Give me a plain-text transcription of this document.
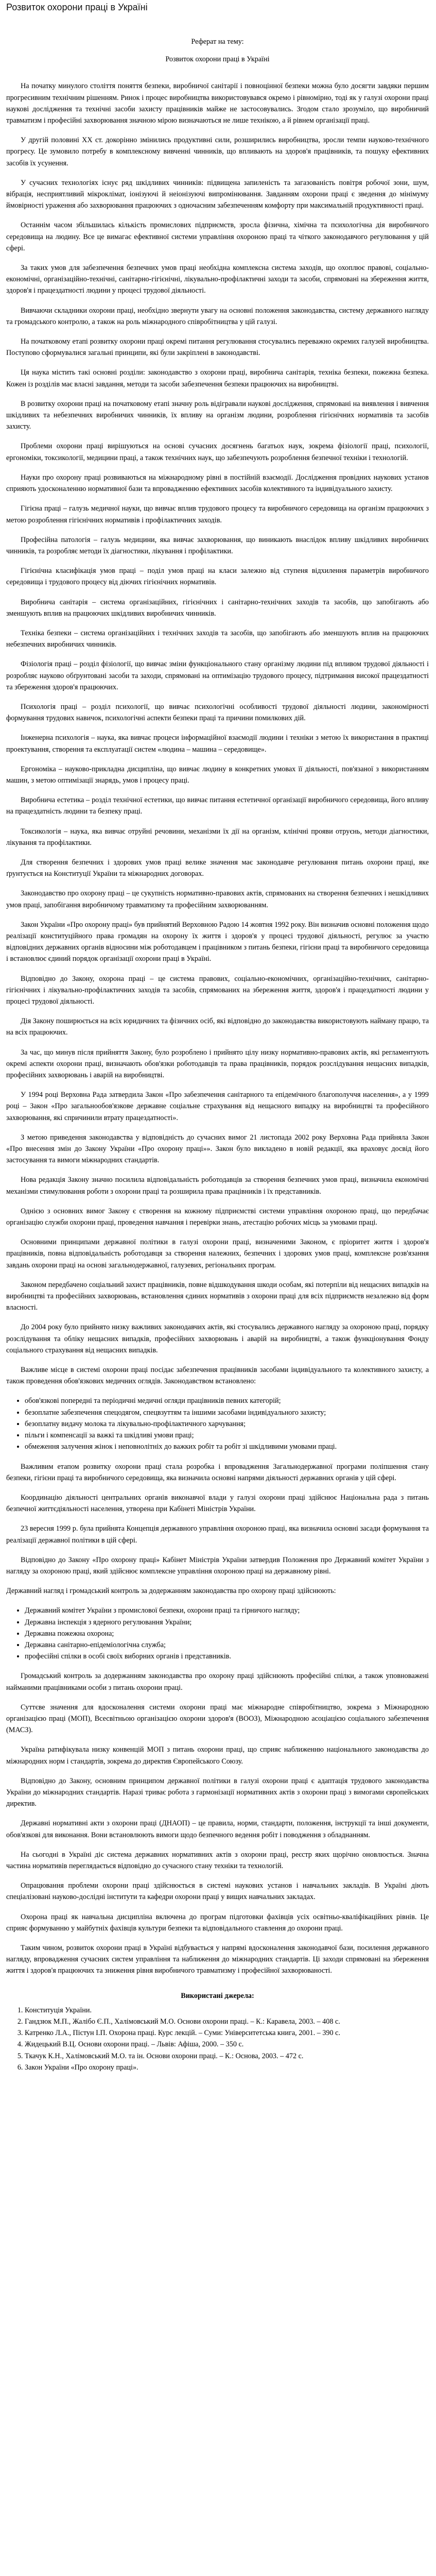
Розвиток охорони праці в Україні

Реферат на тему:

Розвиток охорони праці в Україні

На початку минулого століття поняття безпеки, виробничої санітарії і повноцінної безпеки можна було досягти завдяки першим прогресивним технічним рішенням. Ринок і процес виробництва використовувався окремо і рівномірно, тоді як у галузі охорони праці наукові дослідження та технічні засоби захисту працівників майже не застосовувались. Згодом стало зрозуміло, що виробничий травматизм і професійні захворювання значною мірою визначаються не лише технікою, а й рівнем організації праці.

У другій половині XX ст. докорінно змінились продуктивні сили, розширились виробництва, зросли темпи науково-технічного прогресу. Це зумовило потребу в комплексному вивченні чинників, що впливають на здоров'я працівників, та пошуку ефективних засобів їх усунення.

У сучасних технологіях існує ряд шкідливих чинників: підвищена запиленість та загазованість повітря робочої зони, шум, вібрація, несприятливий мікроклімат, іонізуючі й неіонізуючі випромінювання. Завданням охорони праці є зведення до мінімуму ймовірності ураження або захворювання працюючих з одночасним забезпеченням комфорту при максимальній продуктивності праці.

Останнім часом збільшилась кількість промислових підприємств, зросла фізична, хімічна та психологічна дія виробничого середовища на людину. Все це вимагає ефективної системи управління охороною праці та чіткого законодавчого регулювання у цій сфері.

За таких умов для забезпечення безпечних умов праці необхідна комплексна система заходів, що охоплює правові, соціально-економічні, організаційно-технічні, санітарно-гігієнічні, лікувально-профілактичні заходи та засоби, спрямовані на збереження життя, здоров'я і працездатності людини у процесі трудової діяльності.

Вивчаючи складники охорони праці, необхідно звернути увагу на основні положення законодавства, систему державного нагляду та громадського контролю, а також на роль міжнародного співробітництва у цій галузі.

На початковому етапі розвитку охорони праці окремі питання регулювання стосувались переважно окремих галузей виробництва. Поступово сформувалися загальні принципи, які були закріплені в законодавстві.

Ця наука містить такі основні розділи: законодавство з охорони праці, виробнича санітарія, техніка безпеки, пожежна безпека. Кожен із розділів має власні завдання, методи та засоби забезпечення безпеки працюючих на виробництві.

В розвитку охорони праці на початковому етапі значну роль відігравали наукові дослідження, спрямовані на виявлення і вивчення шкідливих та небезпечних виробничих чинників, їх впливу на організм людини, розроблення гігієнічних нормативів та засобів захисту.

Проблеми охорони праці вирішуються на основі сучасних досягнень багатьох наук, зокрема фізіології праці, психології, ергономіки, токсикології, медицини праці, а також технічних наук, що забезпечують розроблення безпечної техніки і технологій.

Науки про охорону праці розвиваються на міжнародному рівні в постійній взаємодії. Дослідження провідних наукових установ сприяють удосконаленню нормативної бази та впровадженню ефективних засобів колективного та індивідуального захисту.

Гігієна праці – галузь медичної науки, що вивчає вплив трудового процесу та виробничого середовища на організм працюючих з метою розроблення гігієнічних нормативів і профілактичних заходів.

Професійна патологія – галузь медицини, яка вивчає захворювання, що виникають внаслідок впливу шкідливих виробничих чинників, та розробляє методи їх діагностики, лікування і профілактики.

Гігієнічна класифікація умов праці – поділ умов праці на класи залежно від ступеня відхилення параметрів виробничого середовища і трудового процесу від діючих гігієнічних нормативів.

Виробнича санітарія – система організаційних, гігієнічних і санітарно-технічних заходів та засобів, що запобігають або зменшують вплив на працюючих шкідливих виробничих чинників.

Техніка безпеки – система організаційних і технічних заходів та засобів, що запобігають або зменшують вплив на працюючих небезпечних виробничих чинників.

Фізіологія праці – розділ фізіології, що вивчає зміни функціонального стану організму людини під впливом трудової діяльності і розробляє науково обґрунтовані засоби та заходи, спрямовані на оптимізацію трудового процесу, підтримання високої працездатності та збереження здоров'я працюючих.

Психологія праці – розділ психології, що вивчає психологічні особливості трудової діяльності людини, закономірності формування трудових навичок, психологічні аспекти безпеки праці та причини помилкових дій.

Інженерна психологія – наука, яка вивчає процеси інформаційної взаємодії людини і техніки з метою їх використання в практиці проектування, створення та експлуатації систем «людина – машина – середовище».

Ергономіка – науково-прикладна дисципліна, що вивчає людину в конкретних умовах її діяльності, пов'язаної з використанням машин, з метою оптимізації знарядь, умов і процесу праці.

Виробнича естетика – розділ технічної естетики, що вивчає питання естетичної організації виробничого середовища, його впливу на працездатність людини та безпеку праці.

Токсикологія – наука, яка вивчає отруйні речовини, механізми їх дії на організм, клінічні прояви отруєнь, методи діагностики, лікування та профілактики.

Для створення безпечних і здорових умов праці велике значення має законодавче регулювання питань охорони праці, яке ґрунтується на Конституції України та міжнародних договорах.

Законодавство про охорону праці – це сукупність нормативно-правових актів, спрямованих на створення безпечних і нешкідливих умов праці, запобігання виробничому травматизму та професійним захворюванням.

Закон України «Про охорону праці» був прийнятий Верховною Радою 14 жовтня 1992 року. Він визначив основні положення щодо реалізації конституційного права громадян на охорону їх життя і здоров'я у процесі трудової діяльності, регулює за участю відповідних державних органів відносини між роботодавцем і працівником з питань безпеки, гігієни праці та виробничого середовища і встановлює єдиний порядок організації охорони праці в Україні.

Відповідно до Закону, охорона праці – це система правових, соціально-економічних, організаційно-технічних, санітарно-гігієнічних і лікувально-профілактичних заходів та засобів, спрямованих на збереження життя, здоров'я і працездатності людини у процесі трудової діяльності.

Дія Закону поширюється на всіх юридичних та фізичних осіб, які відповідно до законодавства використовують найману працю, та на всіх працюючих.

За час, що минув після прийняття Закону, було розроблено і прийнято цілу низку нормативно-правових актів, які регламентують окремі аспекти охорони праці, визначають обов'язки роботодавців та права працівників, порядок розслідування нещасних випадків, професійних захворювань і аварій на виробництві.

У 1994 році Верховна Рада затвердила Закон «Про забезпечення санітарного та епідемічного благополуччя населення», а у 1999 році – Закон «Про загальнообов'язкове державне соціальне страхування від нещасного випадку на виробництві та професійного захворювання, які спричинили втрату працездатності».

З метою приведення законодавства у відповідність до сучасних вимог 21 листопада 2002 року Верховна Рада прийняла Закон «Про внесення змін до Закону України «Про охорону праці»». Закон було викладено в новій редакції, яка враховує досвід його застосування та вимоги міжнародних стандартів.

Нова редакція Закону значно посилила відповідальність роботодавців за створення безпечних умов праці, визначила економічні механізми стимулювання роботи з охорони праці та розширила права працівників і їх представників.

Однією з основних вимог Закону є створення на кожному підприємстві системи управління охороною праці, що передбачає організацію служби охорони праці, проведення навчання і перевірки знань, атестацію робочих місць за умовами праці.

Основними принципами державної політики в галузі охорони праці, визначеними Законом, є пріоритет життя і здоров'я працівників, повна відповідальність роботодавця за створення належних, безпечних і здорових умов праці, комплексне розв'язання завдань охорони праці на основі загальнодержавної, галузевих, регіональних програм.

Законом передбачено соціальний захист працівників, повне відшкодування шкоди особам, які потерпіли від нещасних випадків на виробництві та професійних захворювань, встановлення єдиних нормативів з охорони праці для всіх підприємств незалежно від форм власності.

До 2004 року було прийнято низку важливих законодавчих актів, які стосувались державного нагляду за охороною праці, порядку розслідування та обліку нещасних випадків, професійних захворювань і аварій на виробництві, а також функціонування Фонду соціального страхування від нещасних випадків.

Важливе місце в системі охорони праці посідає забезпечення працівників засобами індивідуального та колективного захисту, а також проведення обов'язкових медичних оглядів. Законодавством встановлено:

• обов'язкові попередні та періодичні медичні огляди працівників певних категорій;
• безоплатне забезпечення спецодягом, спецвзуттям та іншими засобами індивідуального захисту;
• безоплатну видачу молока та лікувально-профілактичного харчування;
• пільги і компенсації за важкі та шкідливі умови праці;
• обмеження залучення жінок і неповнолітніх до важких робіт та робіт зі шкідливими умовами праці.

Важливим етапом розвитку охорони праці стала розробка і впровадження Загальнодержавної програми поліпшення стану безпеки, гігієни праці та виробничого середовища, яка визначила основні напрями діяльності державних органів у цій сфері.

Координацію діяльності центральних органів виконавчої влади у галузі охорони праці здійснює Національна рада з питань безпечної життєдіяльності населення, утворена при Кабінеті Міністрів України.

23 вересня 1999 р. була прийнята Концепція державного управління охороною праці, яка визначила основні засади формування та реалізації державної політики в цій сфері.

Відповідно до Закону «Про охорону праці» Кабінет Міністрів України затвердив Положення про Державний комітет України з нагляду за охороною праці, який здійснює комплексне управління охороною праці на державному рівні.

Державний нагляд і громадський контроль за додержанням законодавства про охорону праці здійснюють:

• Державний комітет України з промислової безпеки, охорони праці та гірничого нагляду;
• Державна інспекція з ядерного регулювання України;
• Державна пожежна охорона;
• Державна санітарно-епідеміологічна служба;
• професійні спілки в особі своїх виборних органів і представників.

Громадський контроль за додержанням законодавства про охорону праці здійснюють професійні спілки, а також уповноважені найманими працівниками особи з питань охорони праці.

Суттєве значення для вдосконалення системи охорони праці має міжнародне співробітництво, зокрема з Міжнародною організацією праці (МОП), Всесвітньою організацією охорони здоров'я (ВООЗ), Міжнародною асоціацією соціального забезпечення (МАСЗ).

Україна ратифікувала низку конвенцій МОП з питань охорони праці, що сприяє наближенню національного законодавства до міжнародних норм і стандартів, зокрема до директив Європейського Союзу.

Відповідно до Закону, основним принципом державної політики в галузі охорони праці є адаптація трудового законодавства України до міжнародних стандартів. Наразі триває робота з гармонізації нормативних актів з охорони праці з вимогами європейських директив.

Державні нормативні акти з охорони праці (ДНАОП) – це правила, норми, стандарти, положення, інструкції та інші документи, обов'язкові для виконання. Вони встановлюють вимоги щодо безпечного ведення робіт і поводження з обладнанням.

На сьогодні в Україні діє система державних нормативних актів з охорони праці, реєстр яких щорічно оновлюється. Значна частина нормативів переглядається відповідно до сучасного стану техніки та технологій.

Опрацювання проблеми охорони праці здійснюється в системі наукових установ і навчальних закладів. В Україні діють спеціалізовані науково-дослідні інститути та кафедри охорони праці у вищих навчальних закладах.

Охорона праці як навчальна дисципліна включена до програм підготовки фахівців усіх освітньо-кваліфікаційних рівнів. Це сприяє формуванню у майбутніх фахівців культури безпеки та відповідального ставлення до охорони праці.

Таким чином, розвиток охорони праці в Україні відбувається у напрямі вдосконалення законодавчої бази, посилення державного нагляду, впровадження сучасних систем управління та наближення до міжнародних стандартів. Ці заходи спрямовані на збереження життя і здоров'я працюючих та зниження рівня виробничого травматизму і професійної захворюваності.

Використані джерела:

1. Конституція України.
2. Гандзюк М.П., Жалібо Є.П., Халімовський М.О. Основи охорони праці. – К.: Каравела, 2003. – 408 с.
3. Катренко Л.А., Пістун І.П. Охорона праці. Курс лекцій. – Суми: Університетська книга, 2001. – 390 с.
4. Жидецький В.Ц. Основи охорони праці. – Львів: Афіша, 2000. – 350 с.
5. Ткачук К.Н., Халімовський М.О. та ін. Основи охорони праці. – К.: Основа, 2003. – 472 с.
6. Закон України «Про охорону праці».
